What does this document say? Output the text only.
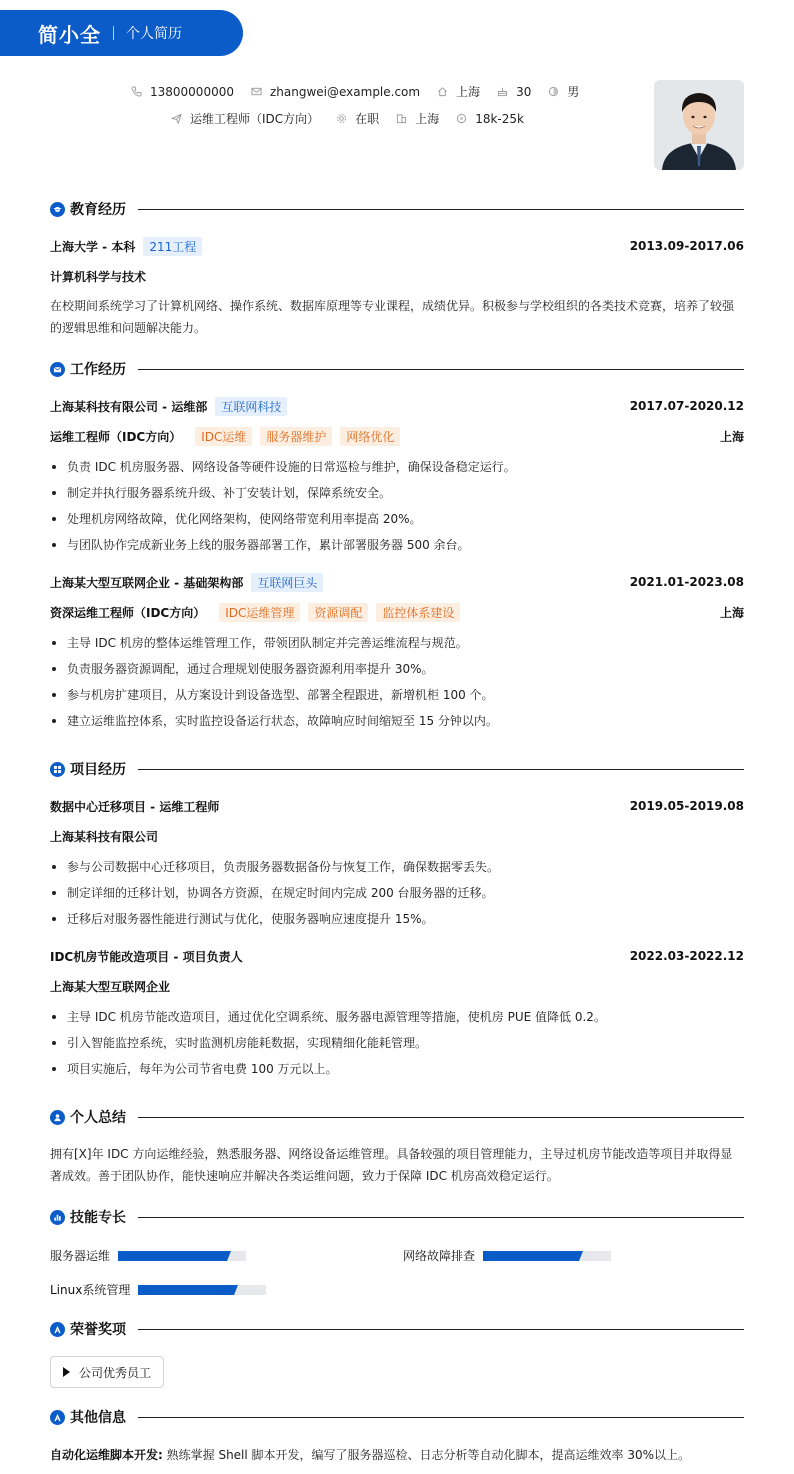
简小全 个人简历
13800000000	zhangwei@example.com	上海	30	男
运维工程师（IDC方向）	在职	上海	18k-25k
教育经历
上海大学 - 本科	211工程	2013.09-2017.06
计算机科学与技术
在校期间系统学习了计算机网络、操作系统、数据库原理等专业课程，成绩优异。积极参与学校组织的各类技术竞赛，培养了较强的逻辑思维和问题解决能力。
工作经历
上海某科技有限公司 - 运维部	互联网科技	2017.07-2020.12
运维工程师（IDC方向）	IDC运维	服务器维护	网络优化	上海
负责 IDC 机房服务器、网络设备等硬件设施的日常巡检与维护，确保设备稳定运行。
制定并执行服务器系统升级、补丁安装计划，保障系统安全。
处理机房网络故障，优化网络架构，使网络带宽利用率提高 20%。
与团队协作完成新业务上线的服务器部署工作，累计部署服务器 500 余台。
上海某大型互联网企业 - 基础架构部	互联网巨头	2021.01-2023.08
资深运维工程师（IDC方向）	IDC运维管理	资源调配	监控体系建设	上海
主导 IDC 机房的整体运维管理工作，带领团队制定并完善运维流程与规范。
负责服务器资源调配，通过合理规划使服务器资源利用率提升 30%。
参与机房扩建项目，从方案设计到设备选型、部署全程跟进，新增机柜 100 个。
建立运维监控体系，实时监控设备运行状态，故障响应时间缩短至 15 分钟以内。
项目经历
数据中心迁移项目 - 运维工程师	2019.05-2019.08
上海某科技有限公司
参与公司数据中心迁移项目，负责服务器数据备份与恢复工作，确保数据零丢失。
制定详细的迁移计划，协调各方资源，在规定时间内完成 200 台服务器的迁移。
迁移后对服务器性能进行测试与优化，使服务器响应速度提升 15%。
IDC机房节能改造项目 - 项目负责人	2022.03-2022.12
上海某大型互联网企业
主导 IDC 机房节能改造项目，通过优化空调系统、服务器电源管理等措施，使机房 PUE 值降低 0.2。
引入智能监控系统，实时监测机房能耗数据，实现精细化能耗管理。
项目实施后，每年为公司节省电费 100 万元以上。
个人总结
拥有[X]年 IDC 方向运维经验，熟悉服务器、网络设备运维管理。具备较强的项目管理能力，主导过机房节能改造等项目并取得显著成效。善于团队协作，能快速响应并解决各类运维问题，致力于保障 IDC 机房高效稳定运行。
技能专长
服务器运维	网络故障排查
Linux系统管理
荣誉奖项
公司优秀员工
其他信息
自动化运维脚本开发: 熟练掌握 Shell 脚本开发，编写了服务器巡检、日志分析等自动化脚本，提高运维效率 30%以上。
